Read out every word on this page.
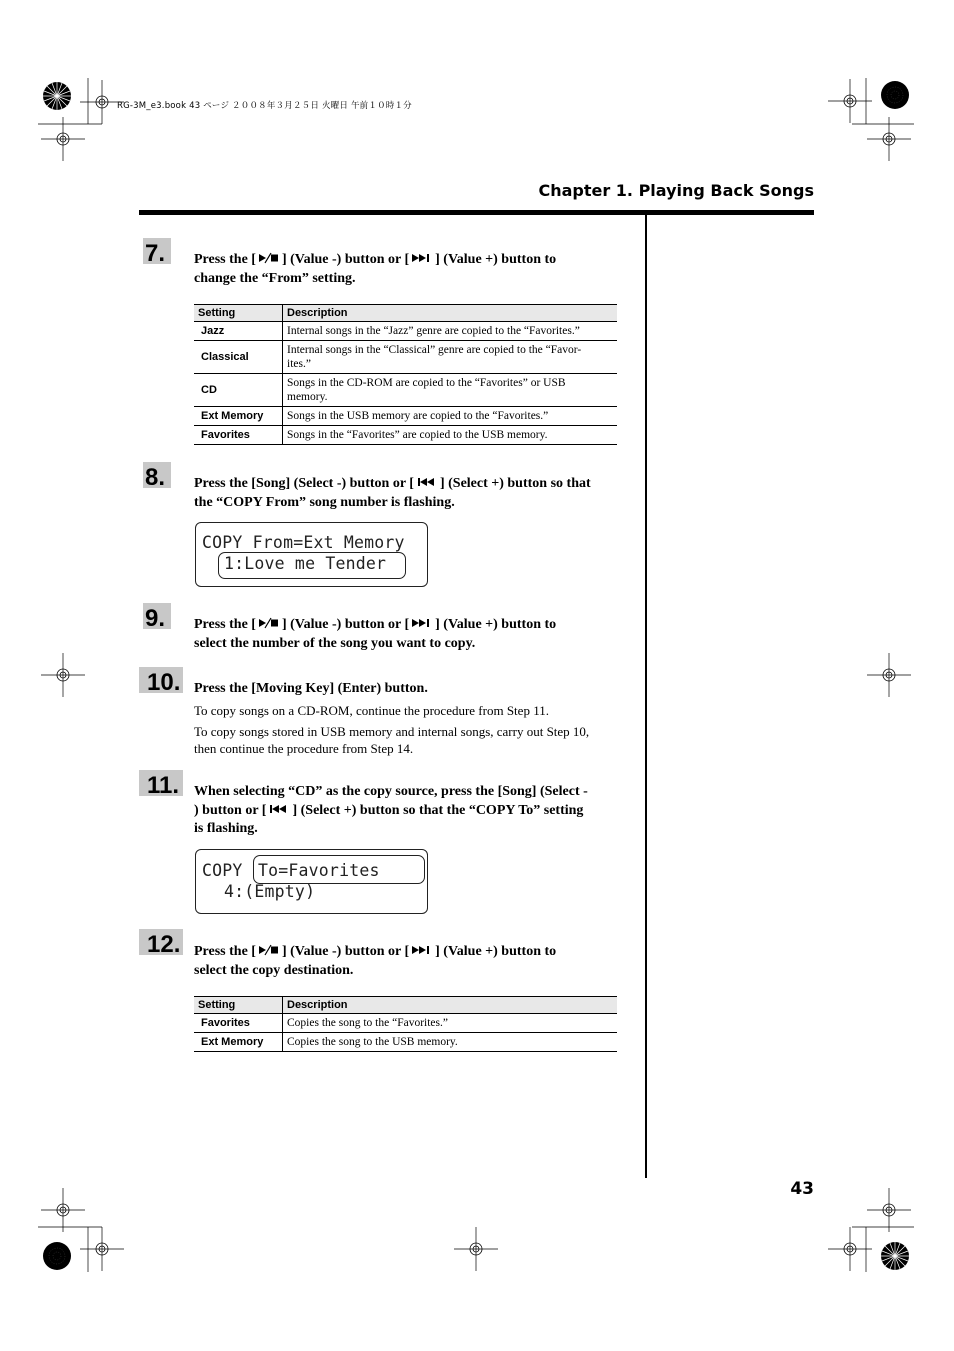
RG-3M_e3.book 43 ページ ２００８年３月２５日 火曜日 午前１０時１分
Chapter 1. Playing Back Songs
7. Press the [ ] (Value -) button or [ ] (Value +) button to
change the “From” setting.
Setting	Description
Jazz	Internal songs in the “Jazz” genre are copied to the “Favorites.”
Classical	Internal songs in the “Classical” genre are copied to the “Favor-
ites.”

CD	Songs in the CD-ROM are copied to the “Favorites” or USB
memory.

Ext Memory	Songs in the USB memory are copied to the “Favorites.”
Favorites	Songs in the “Favorites” are copied to the USB memory.
8. Press the [Song] (Select -) button or [ ] (Select +) button so that
the “COPY From” song number is flashing.
COPY From=Ext Memory
1:Love me Tender
9. Press the [ ] (Value -) button or [ ] (Value +) button to
select the number of the song you want to copy.
10. Press the [Moving Key] (Enter) button.
To copy songs on a CD-ROM, continue the procedure from Step 11.
To copy songs stored in USB memory and internal songs, carry out Step 10,
then continue the procedure from Step 14.
11. When selecting “CD” as the copy source, press the [Song] (Select -
) button or [ ] (Select +) button so that the “COPY To” setting
is flashing.
COPY To=Favorites
4:(Empty)
12. Press the [ ] (Value -) button or [ ] (Value +) button to
select the copy destination.
Setting	Description
Favorites	Copies the song to the “Favorites.”
Ext Memory	Copies the song to the USB memory.
43
